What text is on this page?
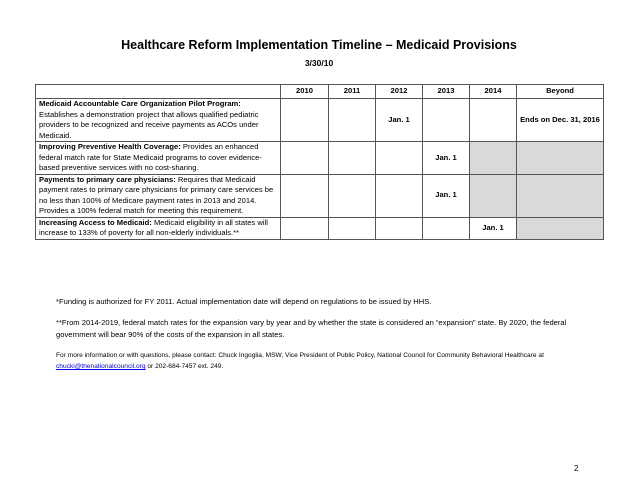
Healthcare Reform Implementation Timeline – Medicaid Provisions
3/30/10
	2010	2011	2012	2013	2014	Beyond
Medicaid Accountable Care Organization Pilot Program:
Establishes a demonstration project that allows qualified pediatric providers to be recognized and receive payments as ACOs under Medicaid.			Jan. 1			Ends on Dec. 31, 2016
Improving Preventive Health Coverage: Provides an enhanced federal match rate for State Medicaid programs to cover evidence-based preventive services with no cost-sharing.				Jan. 1		
Payments to primary care physicians: Requires that Medicaid payment rates to primary care physicians for primary care services be no less than 100% of Medicare payment rates in 2013 and 2014. Provides a 100% federal match for meeting this requirement.				Jan. 1		
Increasing Access to Medicaid: Medicaid eligibility in all states will increase to 133% of poverty for all non-elderly individuals.**					Jan. 1	
*Funding is authorized for FY 2011. Actual implementation date will depend on regulations to be issued by HHS.
**From 2014-2019, federal match rates for the expansion vary by year and by whether the state is considered an “expansion” state. By 2020, the federal government will bear 90% of the costs of the expansion in all states.
For more information or with questions, please contact: Chuck Ingoglia, MSW, Vice President of Public Policy, National Council for Community Behavioral Healthcare at chucki@thenationalcouncil.org or 202-684-7457 ext. 249.
2
